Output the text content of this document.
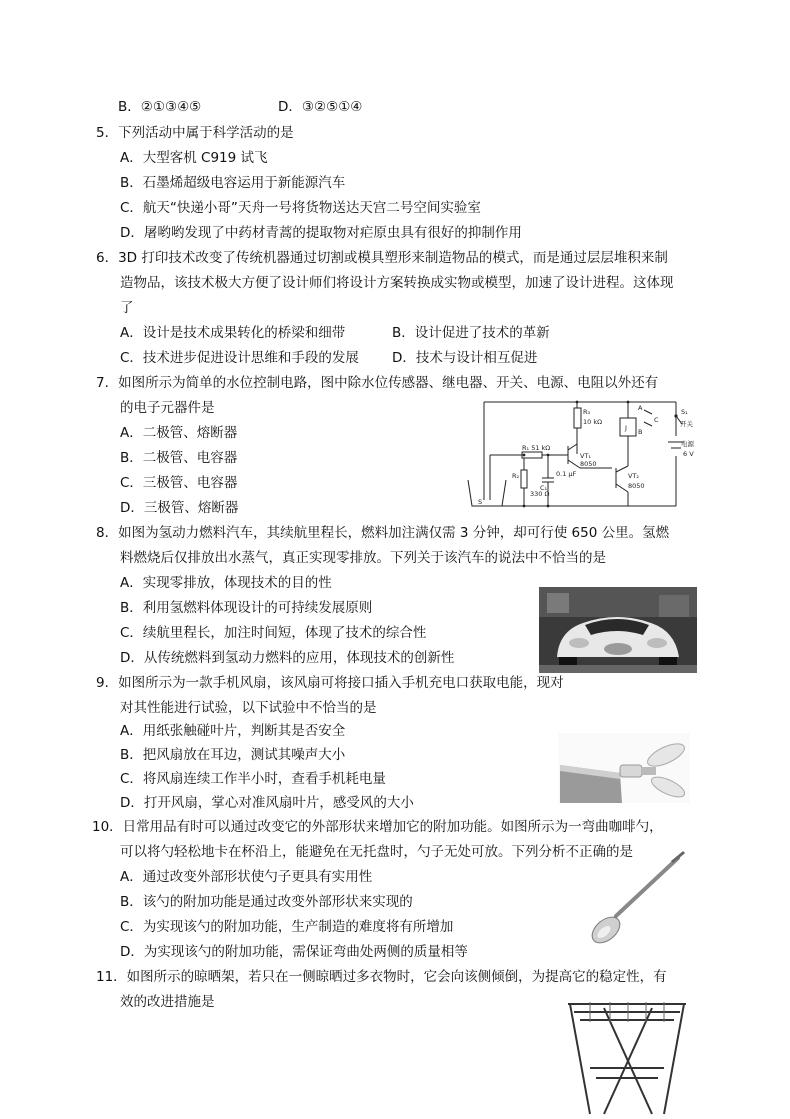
B．②①③④⑤	D．③②⑤①④
5．下列活动中属于科学活动的是
A．大型客机 C919 试飞
B．石墨烯超级电容运用于新能源汽车
C．航天“快递小哥”天舟一号将货物送达天宫二号空间实验室
D．屠哟哟发现了中药材青蒿的提取物对疟原虫具有很好的抑制作用
6．3D 打印技术改变了传统机器通过切割或模具塑形来制造物品的模式，而是通过层层堆积来制
造物品，该技术极大方便了设计师们将设计方案转换成实物或模型，加速了设计进程。这体现
了
A．设计是技术成果转化的桥梁和细带	B．设计促进了技术的革新
C．技术进步促进设计思维和手段的发展 D．技术与设计相互促进
7．如图所示为简单的水位控制电路，图中除水位传感器、继电器、开关、电源、电阻以外还有
的电子元器件是
A．二极管、熔断器
B．二极管、电容器
C．三极管、电容器
D．三极管、熔断器
R₃
10 kΩ
J
A
B
C
S₁
开关
电源
6 V
R₁ 51 kΩ
R₂
330 Ω
C₁
0.1 μF
VT₁
8050
VT₂
8050
S
8．如图为氢动力燃料汽车，其续航里程长，燃料加注满仅需 3 分钟，却可行使 650 公里。氢燃
料燃烧后仅排放出水蒸气，真正实现零排放。下列关于该汽车的说法中不恰当的是
A．实现零排放，体现技术的目的性
B．利用氢燃料体现设计的可持续发展原则
C．续航里程长，加注时间短，体现了技术的综合性
D．从传统燃料到氢动力燃料的应用，体现技术的创新性
9．如图所示为一款手机风扇，该风扇可将接口插入手机充电口获取电能，现对
对其性能进行试验，以下试验中不恰当的是
A．用纸张触碰叶片，判断其是否安全
B．把风扇放在耳边，测试其噪声大小
C．将风扇连续工作半小时，查看手机耗电量
D．打开风扇，掌心对准风扇叶片，感受风的大小
10．日常用品有时可以通过改变它的外部形状来增加它的附加功能。如图所示为一弯曲咖啡勺，
可以将勺轻松地卡在杯沿上，能避免在无托盘时，勺子无处可放。下列分析不正确的是
A．通过改变外部形状使勺子更具有实用性
B．该勺的附加功能是通过改变外部形状来实现的
C．为实现该勺的附加功能，生产制造的难度将有所增加
D．为实现该勺的附加功能，需保证弯曲处两侧的质量相等
11．如图所示的晾晒架，若只在一侧晾晒过多衣物时，它会向该侧倾倒，为提高它的稳定性，有
效的改进措施是
